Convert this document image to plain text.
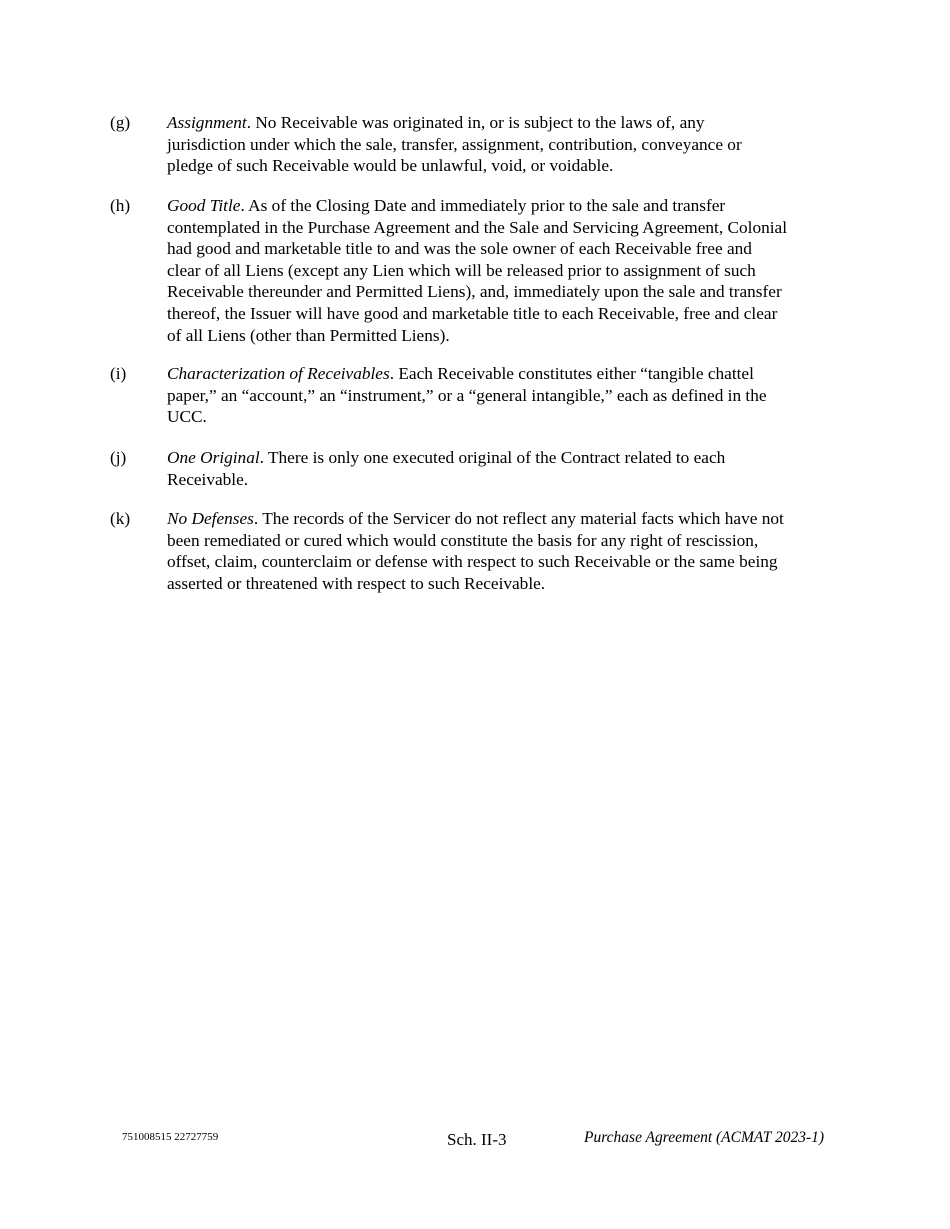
(g) Assignment. No Receivable was originated in, or is subject to the laws of, any
jurisdiction under which the sale, transfer, assignment, contribution, conveyance or
pledge of such Receivable would be unlawful, void, or voidable.
(h) Good Title. As of the Closing Date and immediately prior to the sale and transfer
contemplated in the Purchase Agreement and the Sale and Servicing Agreement, Colonial
had good and marketable title to and was the sole owner of each Receivable free and
clear of all Liens (except any Lien which will be released prior to assignment of such
Receivable thereunder and Permitted Liens), and, immediately upon the sale and transfer
thereof, the Issuer will have good and marketable title to each Receivable, free and clear
of all Liens (other than Permitted Liens).
(i) Characterization of Receivables. Each Receivable constitutes either “tangible chattel
paper,” an “account,” an “instrument,” or a “general intangible,” each as defined in the
UCC.
(j) One Original. There is only one executed original of the Contract related to each
Receivable.
(k) No Defenses. The records of the Servicer do not reflect any material facts which have not
been remediated or cured which would constitute the basis for any right of rescission,
offset, claim, counterclaim or defense with respect to such Receivable or the same being
asserted or threatened with respect to such Receivable.
751008515 22727759	Sch. II-3	Purchase Agreement (ACMAT 2023-1)
